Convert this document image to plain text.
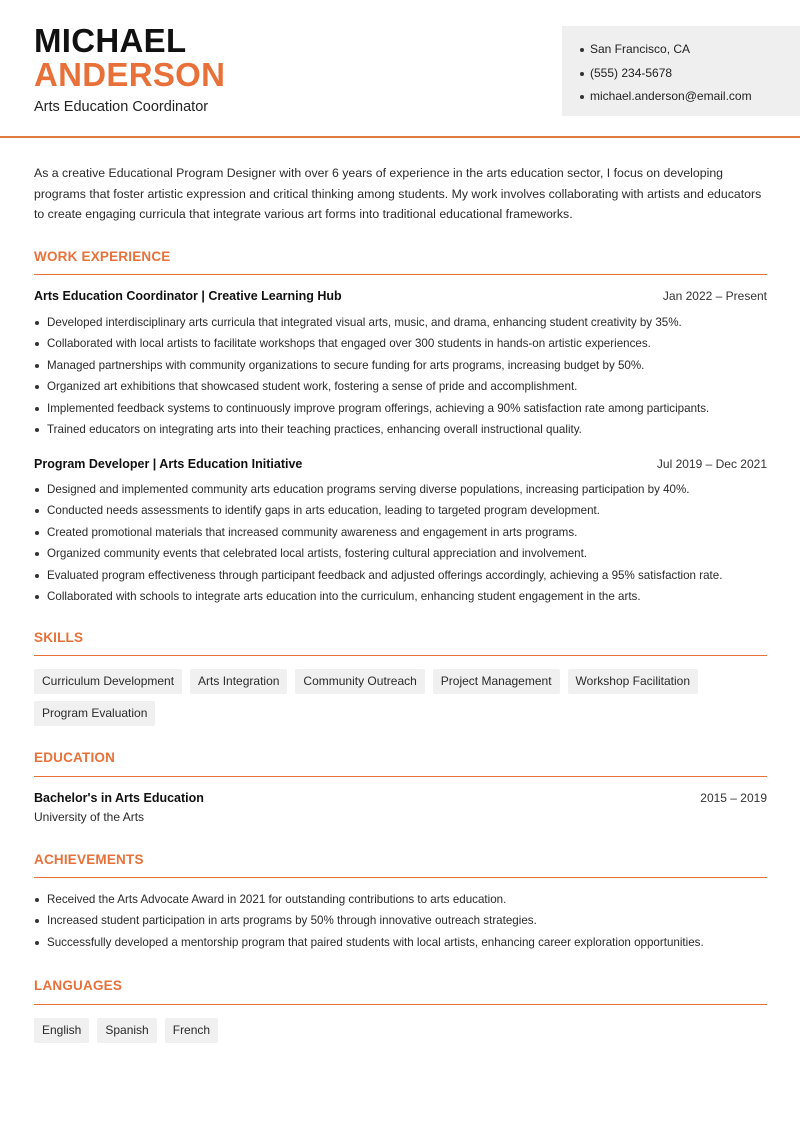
MICHAEL
ANDERSON
Arts Education Coordinator
San Francisco, CA
(555) 234-5678
michael.anderson@email.com

As a creative Educational Program Designer with over 6 years of experience in the arts education sector, I focus on developing programs that foster artistic expression and critical thinking among students. My work involves collaborating with artists and educators to create engaging curricula that integrate various art forms into traditional educational frameworks.

WORK EXPERIENCE
Arts Education Coordinator | Creative Learning Hub	Jan 2022 – Present
Developed interdisciplinary arts curricula that integrated visual arts, music, and drama, enhancing student creativity by 35%.
Collaborated with local artists to facilitate workshops that engaged over 300 students in hands-on artistic experiences.
Managed partnerships with community organizations to secure funding for arts programs, increasing budget by 50%.
Organized art exhibitions that showcased student work, fostering a sense of pride and accomplishment.
Implemented feedback systems to continuously improve program offerings, achieving a 90% satisfaction rate among participants.
Trained educators on integrating arts into their teaching practices, enhancing overall instructional quality.
Program Developer | Arts Education Initiative	Jul 2019 – Dec 2021
Designed and implemented community arts education programs serving diverse populations, increasing participation by 40%.
Conducted needs assessments to identify gaps in arts education, leading to targeted program development.
Created promotional materials that increased community awareness and engagement in arts programs.
Organized community events that celebrated local artists, fostering cultural appreciation and involvement.
Evaluated program effectiveness through participant feedback and adjusted offerings accordingly, achieving a 95% satisfaction rate.
Collaborated with schools to integrate arts education into the curriculum, enhancing student engagement in the arts.
SKILLS
Curriculum Development	Arts Integration	Community Outreach	Project Management	Workshop Facilitation
Program Evaluation
EDUCATION
Bachelor's in Arts Education	2015 – 2019
University of the Arts
ACHIEVEMENTS
Received the Arts Advocate Award in 2021 for outstanding contributions to arts education.
Increased student participation in arts programs by 50% through innovative outreach strategies.
Successfully developed a mentorship program that paired students with local artists, enhancing career exploration opportunities.
LANGUAGES
English	Spanish	French
